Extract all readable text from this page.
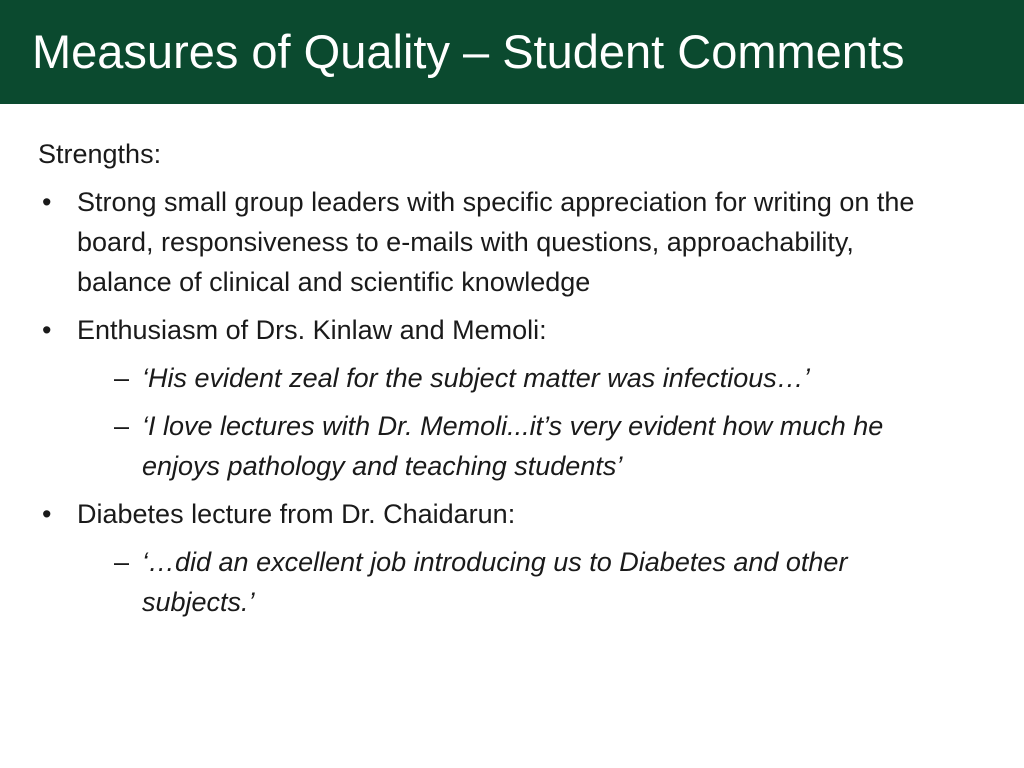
Measures of Quality – Student Comments
Strengths:
• Strong small group leaders with specific appreciation for writing on the board, responsiveness to e-mails with questions, approachability, balance of clinical and scientific knowledge
• Enthusiasm of Drs. Kinlaw and Memoli:
– ‘His evident zeal for the subject matter was infectious…’
– ‘I love lectures with Dr. Memoli...it’s very evident how much he enjoys pathology and teaching students’
• Diabetes lecture from Dr. Chaidarun:
– ‘…did an excellent job introducing us to Diabetes and other subjects.’
